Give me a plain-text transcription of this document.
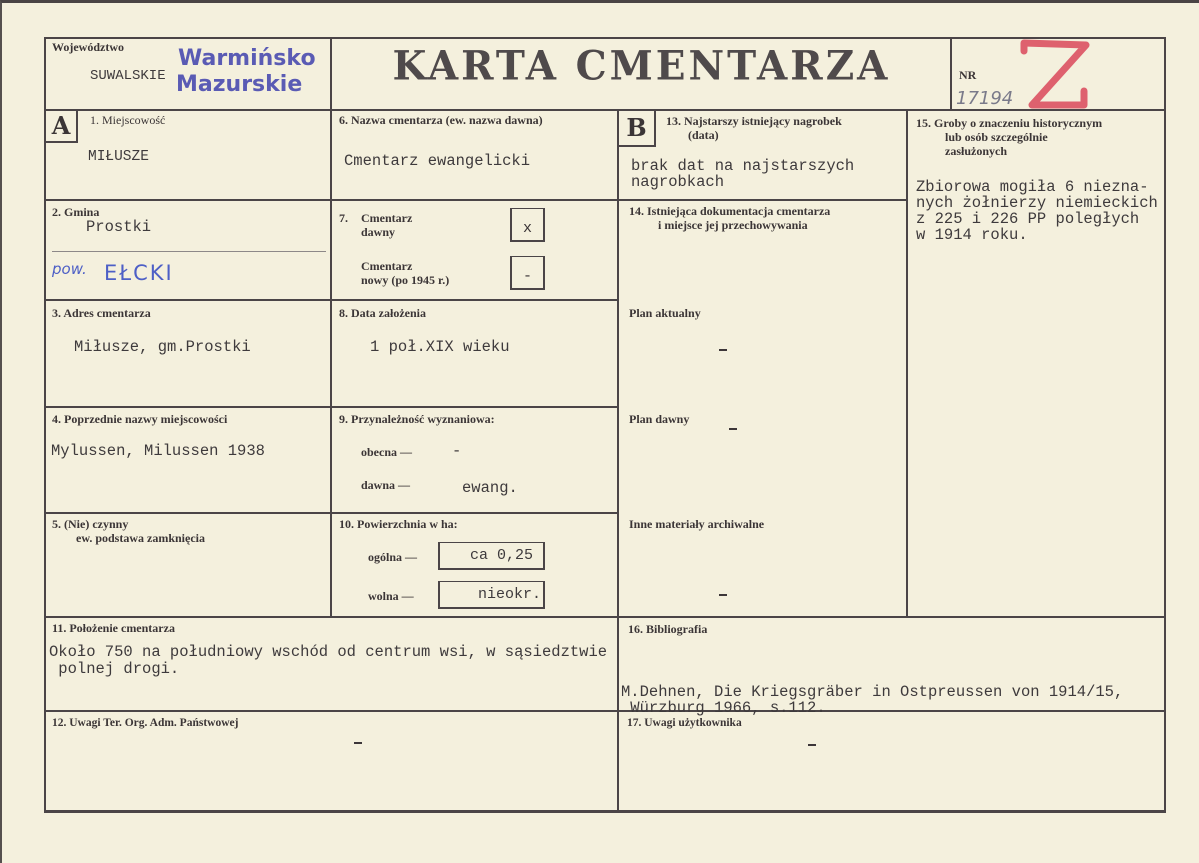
Województwo
SUWALSKIE
Warmińsko
Mazurskie	KARTA CMENTARZA	NR
17194
A	1. Miejscowość
MIŁUSZE
2. Gmina
Prostki
pow. EŁCKI
3. Adres cmentarza
Miłusze, gm.Prostki
4. Poprzednie nazwy miejscowości
Mylussen, Milussen 1938
5. (Nie) czynny
ew. podstawa zamknięcia
6. Nazwa cmentarza (ew. nazwa dawna)
Cmentarz ewangelicki
7. Cmentarz
dawny	x
Cmentarz
nowy (po 1945 r.)	-
8. Data założenia
1 poł.XIX wieku
9. Przynależność wyznaniowa:
obecna —	-
dawna —	ewang.
10. Powierzchnia w ha:
ogólna —	ca 0,25
wolna —	nieokr.
11. Położenie cmentarza
Około 750 na południowy wschód od centrum wsi, w sąsiedztwie
polnej drogi.
12. Uwagi Ter. Org. Adm. Państwowej
B	13. Najstarszy istniejący nagrobek
(data)
brak dat na najstarszych
nagrobkach
14. Istniejąca dokumentacja cmentarza
i miejsce jej przechowywania
Plan aktualny
Plan dawny
Inne materiały archiwalne
15. Groby o znaczeniu historycznym
lub osób szczególnie
zasłużonych
Zbiorowa mogiła 6 niezna-
nych żołnierzy niemieckich
z 225 i 226 PP poległych
w 1914 roku.
16. Bibliografia
M.Dehnen, Die Kriegsgräber in Ostpreussen von 1914/15,
Würzburg 1966, s.112.
17. Uwagi użytkownika
